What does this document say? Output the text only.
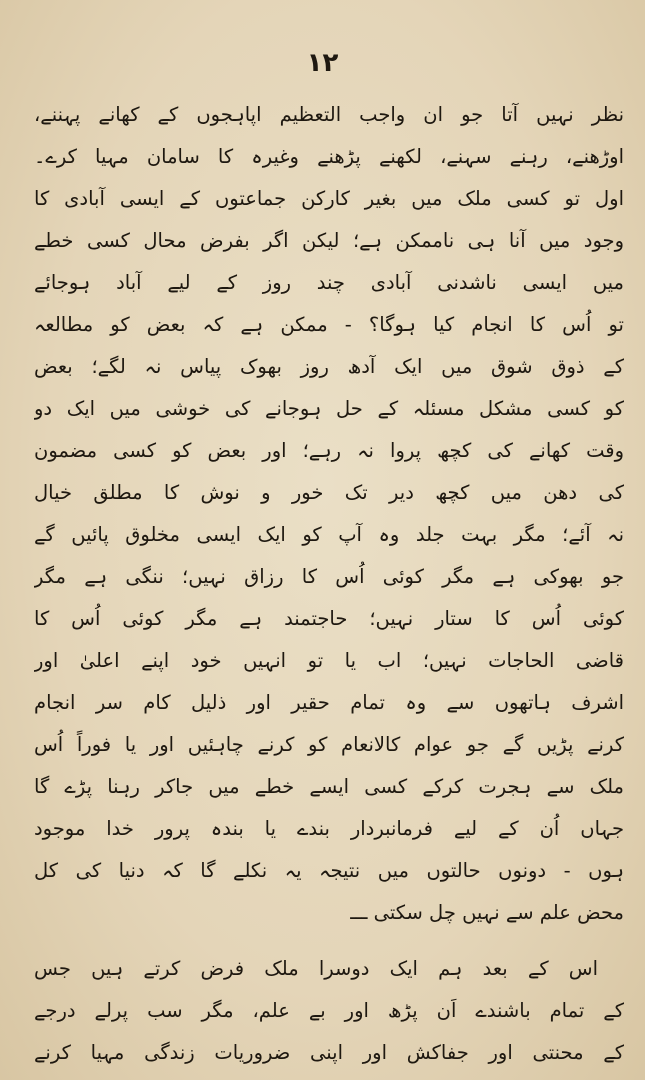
١٢
نظر نہیں آتا جو ان واجب التعظیم اپاہجوں کے کھانے پہننے،
اوڑھنے، رہنے سہنے، لکھنے پڑھنے وغیرہ کا سامان مہیا کرے۔
اول تو کسی ملک میں بغیر کارکن جماعتوں کے ایسی آبادی کا
وجود میں آنا ہی ناممکن ہے؛ لیکن اگر بفرض محال کسی خطے
میں ایسی ناشدنی آبادی چند روز کے لیے آباد ہوجائے
تو اُس کا انجام کیا ہوگا؟ - ممکن ہے کہ بعض کو مطالعہ
کے ذوق شوق میں ایک آدھ روز بھوک پیاس نہ لگے؛ بعض
کو کسی مشکل مسئلہ کے حل ہوجانے کی خوشی میں ایک دو
وقت کھانے کی کچھ پروا نہ رہے؛ اور بعض کو کسی مضمون
کی دھن میں کچھ دیر تک خور و نوش کا مطلق خیال
نہ آئے؛ مگر بہت جلد وہ آپ کو ایک ایسی مخلوق پائیں گے
جو بھوکی ہے مگر کوئی اُس کا رزاق نہیں؛ ننگی ہے مگر
کوئی اُس کا ستار نہیں؛ حاجتمند ہے مگر کوئی اُس کا
قاضی الحاجات نہیں؛ اب یا تو انہیں خود اپنے اعلیٰ اور
اشرف ہاتھوں سے وہ تمام حقیر اور ذلیل کام سر انجام
کرنے پڑیں گے جو عوام کالانعام کو کرنے چاہئیں اور یا فوراً اُس
ملک سے ہجرت کرکے کسی ایسے خطے میں جاکر رہنا پڑے گا
جہاں اُن کے لیے فرمانبردار بندے یا بندہ پرور خدا موجود
ہوں - دونوں حالتوں میں نتیجہ یہ نکلے گا کہ دنیا کی کل
محض علم سے نہیں چل سکتی ـــ
اس کے بعد ہم ایک دوسرا ملک فرض کرتے ہیں جس
کے تمام باشندے اَن پڑھ اور بے علم، مگر سب پرلے درجے
کے محنتی اور جفاکش اور اپنی ضروریات زندگی مہیا کرنے
